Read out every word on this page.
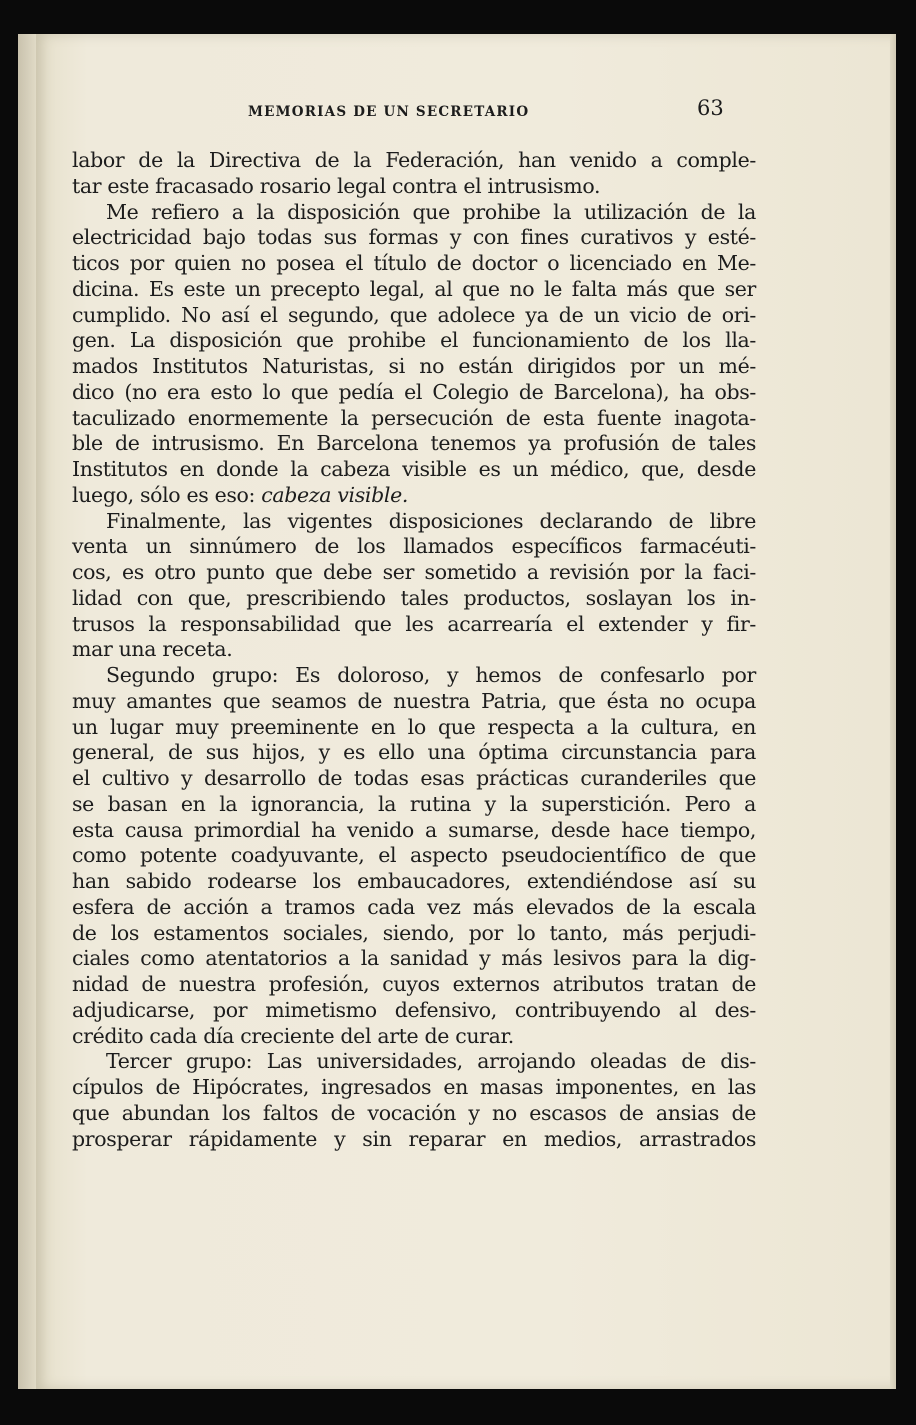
MEMORIAS DE UN SECRETARIO	63
labor de la Directiva de la Federación, han venido a comple-
tar este fracasado rosario legal contra el intrusismo.
Me refiero a la disposición que prohibe la utilización de la
electricidad bajo todas sus formas y con fines curativos y esté-
ticos por quien no posea el título de doctor o licenciado en Me-
dicina. Es este un precepto legal, al que no le falta más que ser
cumplido. No así el segundo, que adolece ya de un vicio de ori-
gen. La disposición que prohibe el funcionamiento de los lla-
mados Institutos Naturistas, si no están dirigidos por un mé-
dico (no era esto lo que pedía el Colegio de Barcelona), ha obs-
taculizado enormemente la persecución de esta fuente inagota-
ble de intrusismo. En Barcelona tenemos ya profusión de tales
Institutos en donde la cabeza visible es un médico, que, desde
luego, sólo es eso: cabeza visible.
Finalmente, las vigentes disposiciones declarando de libre
venta un sinnúmero de los llamados específicos farmacéuti-
cos, es otro punto que debe ser sometido a revisión por la faci-
lidad con que, prescribiendo tales productos, soslayan los in-
trusos la responsabilidad que les acarrearía el extender y fir-
mar una receta.
Segundo grupo: Es doloroso, y hemos de confesarlo por
muy amantes que seamos de nuestra Patria, que ésta no ocupa
un lugar muy preeminente en lo que respecta a la cultura, en
general, de sus hijos, y es ello una óptima circunstancia para
el cultivo y desarrollo de todas esas prácticas curanderiles que
se basan en la ignorancia, la rutina y la superstición. Pero a
esta causa primordial ha venido a sumarse, desde hace tiempo,
como potente coadyuvante, el aspecto pseudocientífico de que
han sabido rodearse los embaucadores, extendiéndose así su
esfera de acción a tramos cada vez más elevados de la escala
de los estamentos sociales, siendo, por lo tanto, más perjudi-
ciales como atentatorios a la sanidad y más lesivos para la dig-
nidad de nuestra profesión, cuyos externos atributos tratan de
adjudicarse, por mimetismo defensivo, contribuyendo al des-
crédito cada día creciente del arte de curar.
Tercer grupo: Las universidades, arrojando oleadas de dis-
cípulos de Hipócrates, ingresados en masas imponentes, en las
que abundan los faltos de vocación y no escasos de ansias de
prosperar rápidamente y sin reparar en medios, arrastrados
